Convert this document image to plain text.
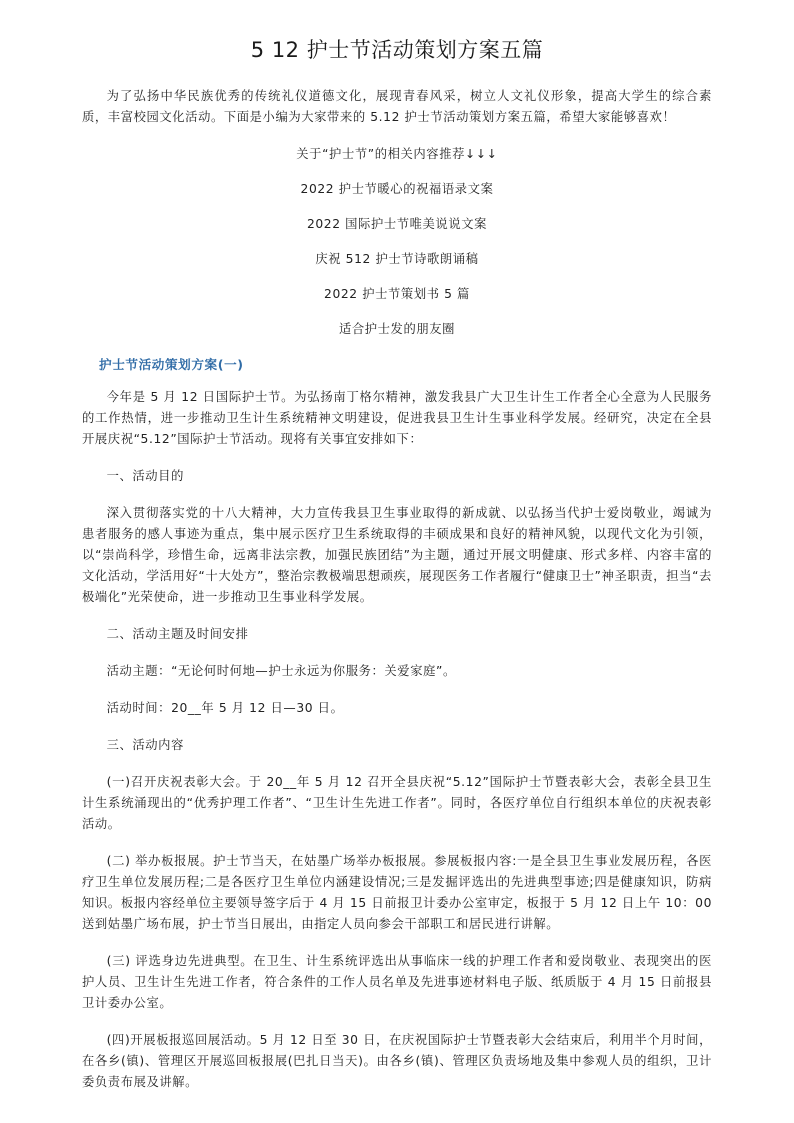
5 12 护士节活动策划方案五篇

为了弘扬中华民族优秀的传统礼仪道德文化，展现青春风采，树立人文礼仪形象，提高大学生的综合素质，丰富校园文化活动。下面是小编为大家带来的 5.12 护士节活动策划方案五篇，希望大家能够喜欢！

关于“护士节”的相关内容推荐↓↓↓

2022 护士节暖心的祝福语录文案

2022 国际护士节唯美说说文案

庆祝 512 护士节诗歌朗诵稿

2022 护士节策划书 5 篇

适合护士发的朋友圈

护士节活动策划方案(一)

今年是 5 月 12 日国际护士节。为弘扬南丁格尔精神，激发我县广大卫生计生工作者全心全意为人民服务的工作热情，进一步推动卫生计生系统精神文明建设，促进我县卫生计生事业科学发展。经研究，决定在全县开展庆祝“5.12”国际护士节活动。现将有关事宜安排如下：

一、活动目的

深入贯彻落实党的十八大精神，大力宣传我县卫生事业取得的新成就、以弘扬当代护士爱岗敬业，竭诚为患者服务的感人事迹为重点，集中展示医疗卫生系统取得的丰硕成果和良好的精神风貌，以现代文化为引领，以“崇尚科学，珍惜生命，远离非法宗教，加强民族团结”为主题，通过开展文明健康、形式多样、内容丰富的文化活动，学活用好“十大处方”，整治宗教极端思想顽疾，展现医务工作者履行“健康卫士”神圣职责，担当“去极端化”光荣使命，进一步推动卫生事业科学发展。

二、活动主题及时间安排

活动主题：“无论何时何地—护士永远为你服务：关爱家庭”。

活动时间：20__年 5 月 12 日—30 日。

三、活动内容

(一)召开庆祝表彰大会。于 20__年 5 月 12 召开全县庆祝“5.12”国际护士节暨表彰大会，表彰全县卫生计生系统涌现出的“优秀护理工作者”、“卫生计生先进工作者”。同时，各医疗单位自行组织本单位的庆祝表彰活动。

(二) 举办板报展。护士节当天，在姑墨广场举办板报展。参展板报内容:一是全县卫生事业发展历程，各医疗卫生单位发展历程;二是各医疗卫生单位内涵建设情况;三是发掘评选出的先进典型事迹;四是健康知识，防病知识。板报内容经单位主要领导签字后于 4 月 15 日前报卫计委办公室审定，板报于 5 月 12 日上午 10：00 送到姑墨广场布展，护士节当日展出，由指定人员向参会干部职工和居民进行讲解。

(三) 评选身边先进典型。在卫生、计生系统评选出从事临床一线的护理工作者和爱岗敬业、表现突出的医护人员、卫生计生先进工作者，符合条件的工作人员名单及先进事迹材料电子版、纸质版于 4 月 15 日前报县卫计委办公室。

(四)开展板报巡回展活动。5 月 12 日至 30 日，在庆祝国际护士节暨表彰大会结束后，利用半个月时间，在各乡(镇)、管理区开展巡回板报展(巴扎日当天)。由各乡(镇)、管理区负责场地及集中参观人员的组织，卫计委负责布展及讲解。
